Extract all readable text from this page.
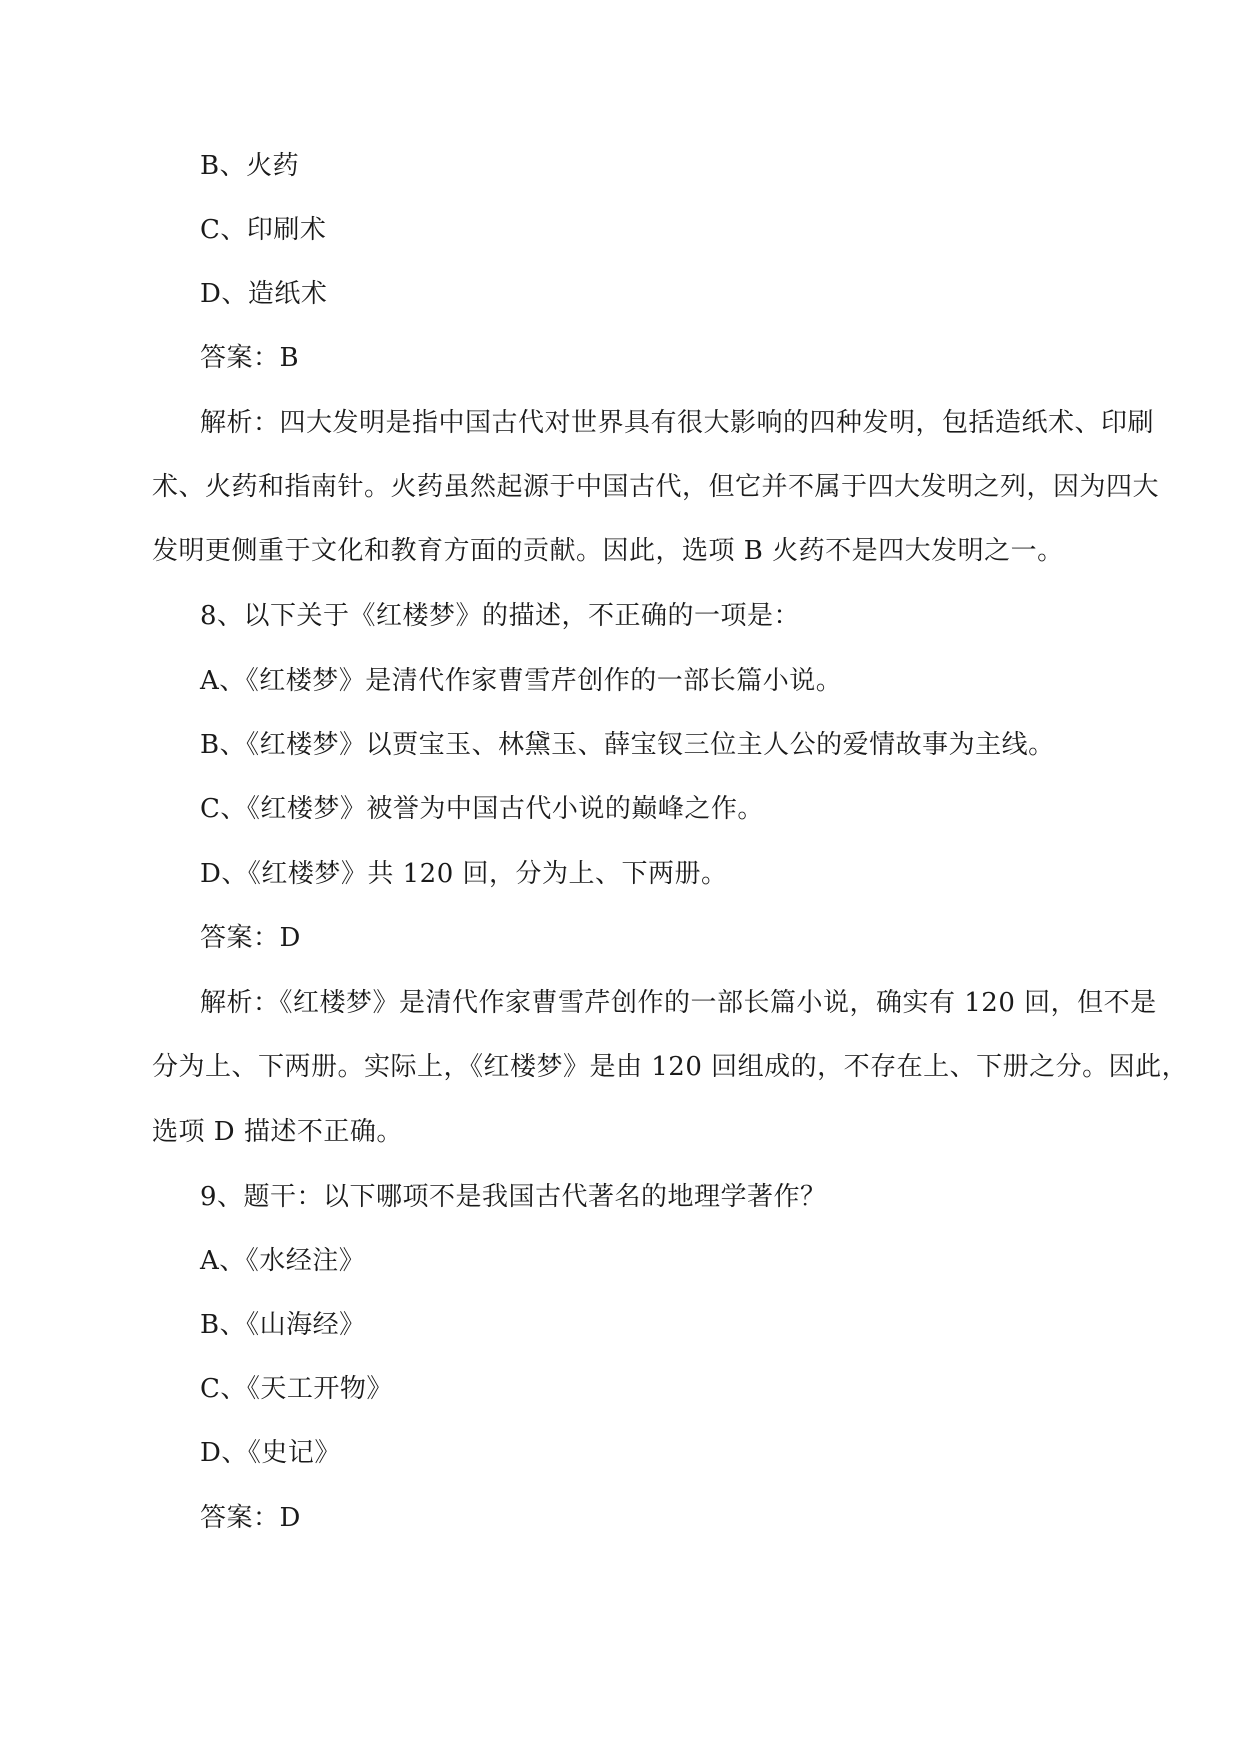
B、火药
C、印刷术
D、造纸术
答案：B
解析：四大发明是指中国古代对世界具有很大影响的四种发明，包括造纸术、印刷
术、火药和指南针。火药虽然起源于中国古代，但它并不属于四大发明之列，因为四大
发明更侧重于文化和教育方面的贡献。因此，选项 B 火药不是四大发明之一。
8、以下关于《红楼梦》的描述，不正确的一项是：
A、《红楼梦》是清代作家曹雪芹创作的一部长篇小说。
B、《红楼梦》以贾宝玉、林黛玉、薛宝钗三位主人公的爱情故事为主线。
C、《红楼梦》被誉为中国古代小说的巅峰之作。
D、《红楼梦》共 120 回，分为上、下两册。
答案：D
解析：《红楼梦》是清代作家曹雪芹创作的一部长篇小说，确实有 120 回，但不是
分为上、下两册。实际上，《红楼梦》是由 120 回组成的，不存在上、下册之分。因此，
选项 D 描述不正确。
9、题干：以下哪项不是我国古代著名的地理学著作？
A、《水经注》
B、《山海经》
C、《天工开物》
D、《史记》
答案：D
